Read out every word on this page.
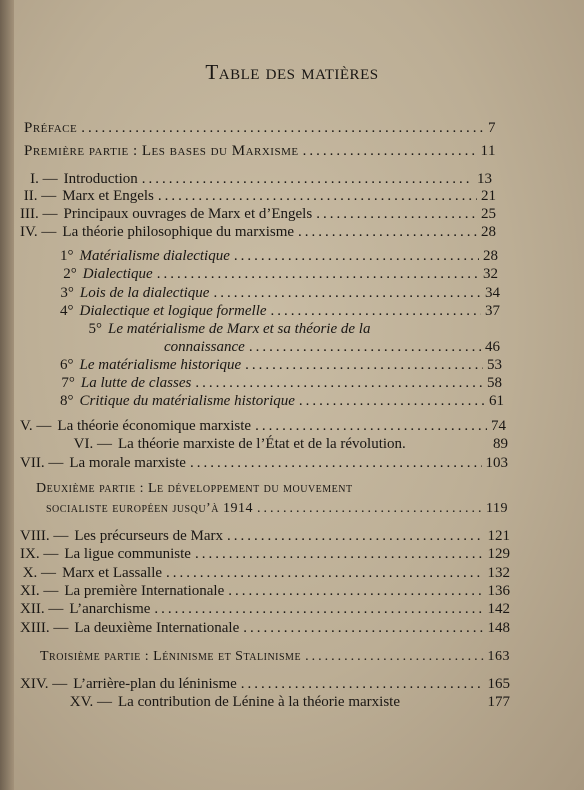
Table des matières
Préface .....	7
Première partie : Les bases du Marxisme .....	11
I. — Introduction .....	13
II. — Marx et Engels .....	21
III. — Principaux ouvrages de Marx et d’Engels .....	25
IV. — La théorie philosophique du marxisme .....	28
1° Matérialisme dialectique .....	28
2° Dialectique .....	32
3° Lois de la dialectique .....	34
4° Dialectique et logique formelle .....	37
5° Le matérialisme de Marx et sa théorie de la
connaissance .....	46
6° Le matérialisme historique .....	53
7° La lutte de classes .....	58
8° Critique du matérialisme historique .....	61
V. — La théorie économique marxiste .....	74
VI. — La théorie marxiste de l’État et de la révolution.	89
VII. — La morale marxiste .....	103
Deuxième partie : Le développement du mouvement
socialiste européen jusqu’à 1914 .....	119
VIII. — Les précurseurs de Marx .....	121
IX. — La ligue communiste .....	129
X. — Marx et Lassalle .....	132
XI. — La première Internationale .....	136
XII. — L’anarchisme .....	142
XIII. — La deuxième Internationale .....	148
Troisième partie : Léninisme et Stalinisme .....	163
XIV. — L’arrière-plan du léninisme .....	165
XV. — La contribution de Lénine à la théorie marxiste	177
